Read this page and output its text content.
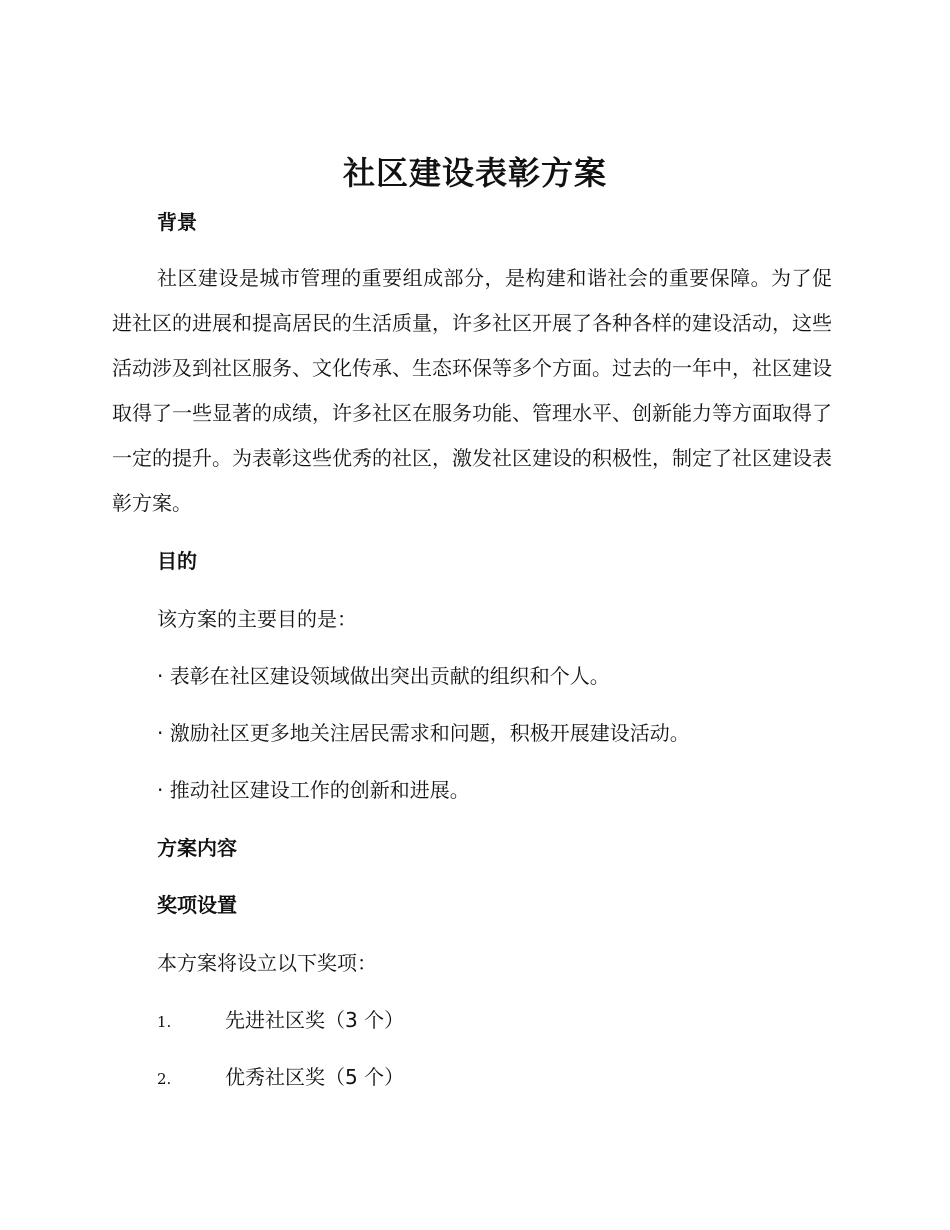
社区建设表彰方案
背景
社区建设是城市管理的重要组成部分，是构建和谐社会的重要保障。为了促进社区的进展和提高居民的生活质量，许多社区开展了各种各样的建设活动，这些活动涉及到社区服务、文化传承、生态环保等多个方面。过去的一年中，社区建设取得了一些显著的成绩，许多社区在服务功能、管理水平、创新能力等方面取得了一定的提升。为表彰这些优秀的社区，激发社区建设的积极性，制定了社区建设表彰方案。
目的
该方案的主要目的是：
· 表彰在社区建设领域做出突出贡献的组织和个人。
· 激励社区更多地关注居民需求和问题，积极开展建设活动。
· 推动社区建设工作的创新和进展。
方案内容
奖项设置
本方案将设立以下奖项：
1.	先进社区奖（3 个）
2.	优秀社区奖（5 个）
